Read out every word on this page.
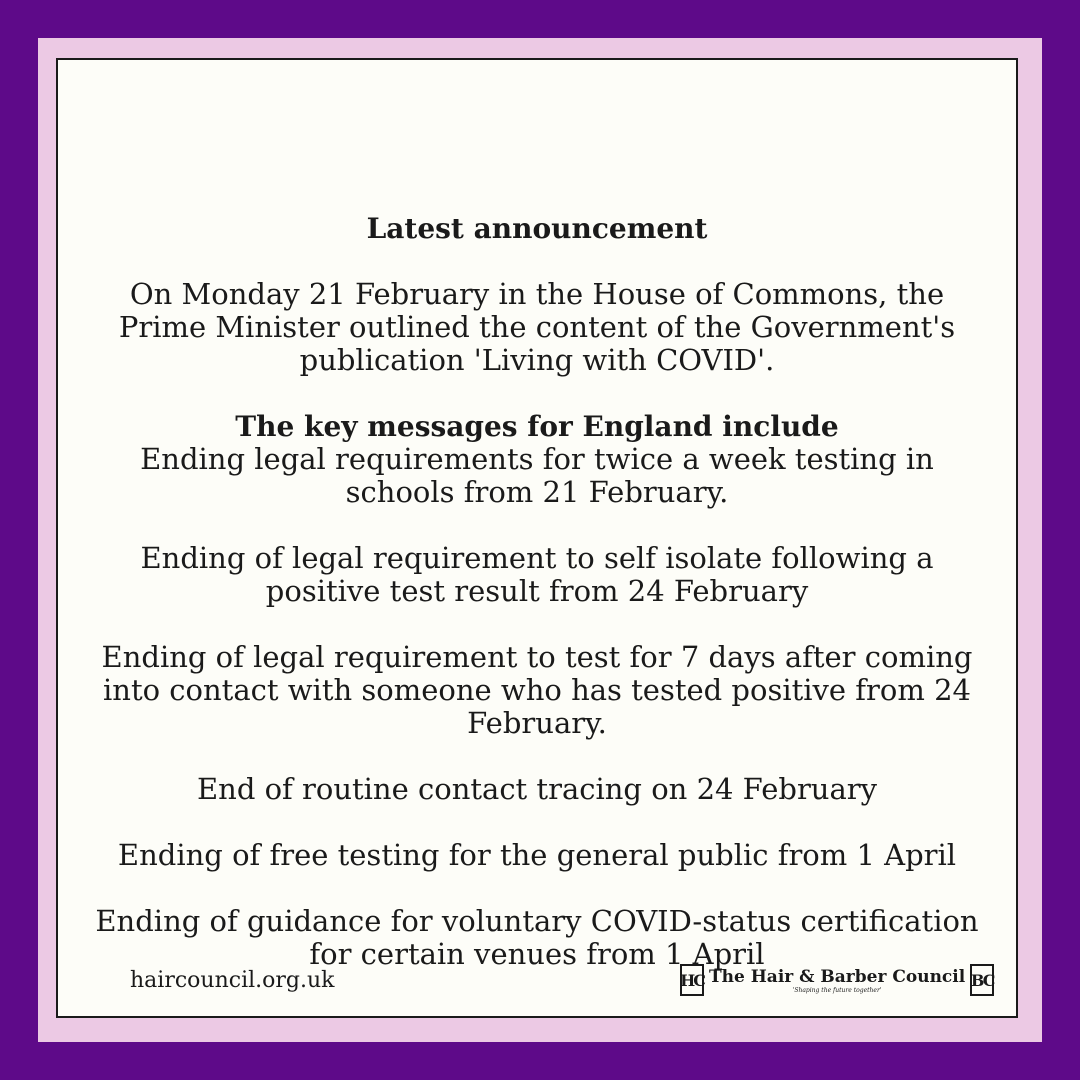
Latest announcement

On Monday 21 February in the House of Commons, the

Prime Minister outlined the content of the Government's

publication 'Living with COVID'.

The key messages for England include

Ending legal requirements for twice a week testing in

schools from 21 February.

Ending of legal requirement to self isolate following a

positive test result from 24 February

Ending of legal requirement to test for 7 days after coming

into contact with someone who has tested positive from 24

February.

End of routine contact tracing on 24 February

Ending of free testing for the general public from 1 April

Ending of guidance for voluntary COVID-status certification

for certain venues from 1 April

haircouncil.org.uk	HC The Hair & Barber Council
'Shaping the future together'
BC
